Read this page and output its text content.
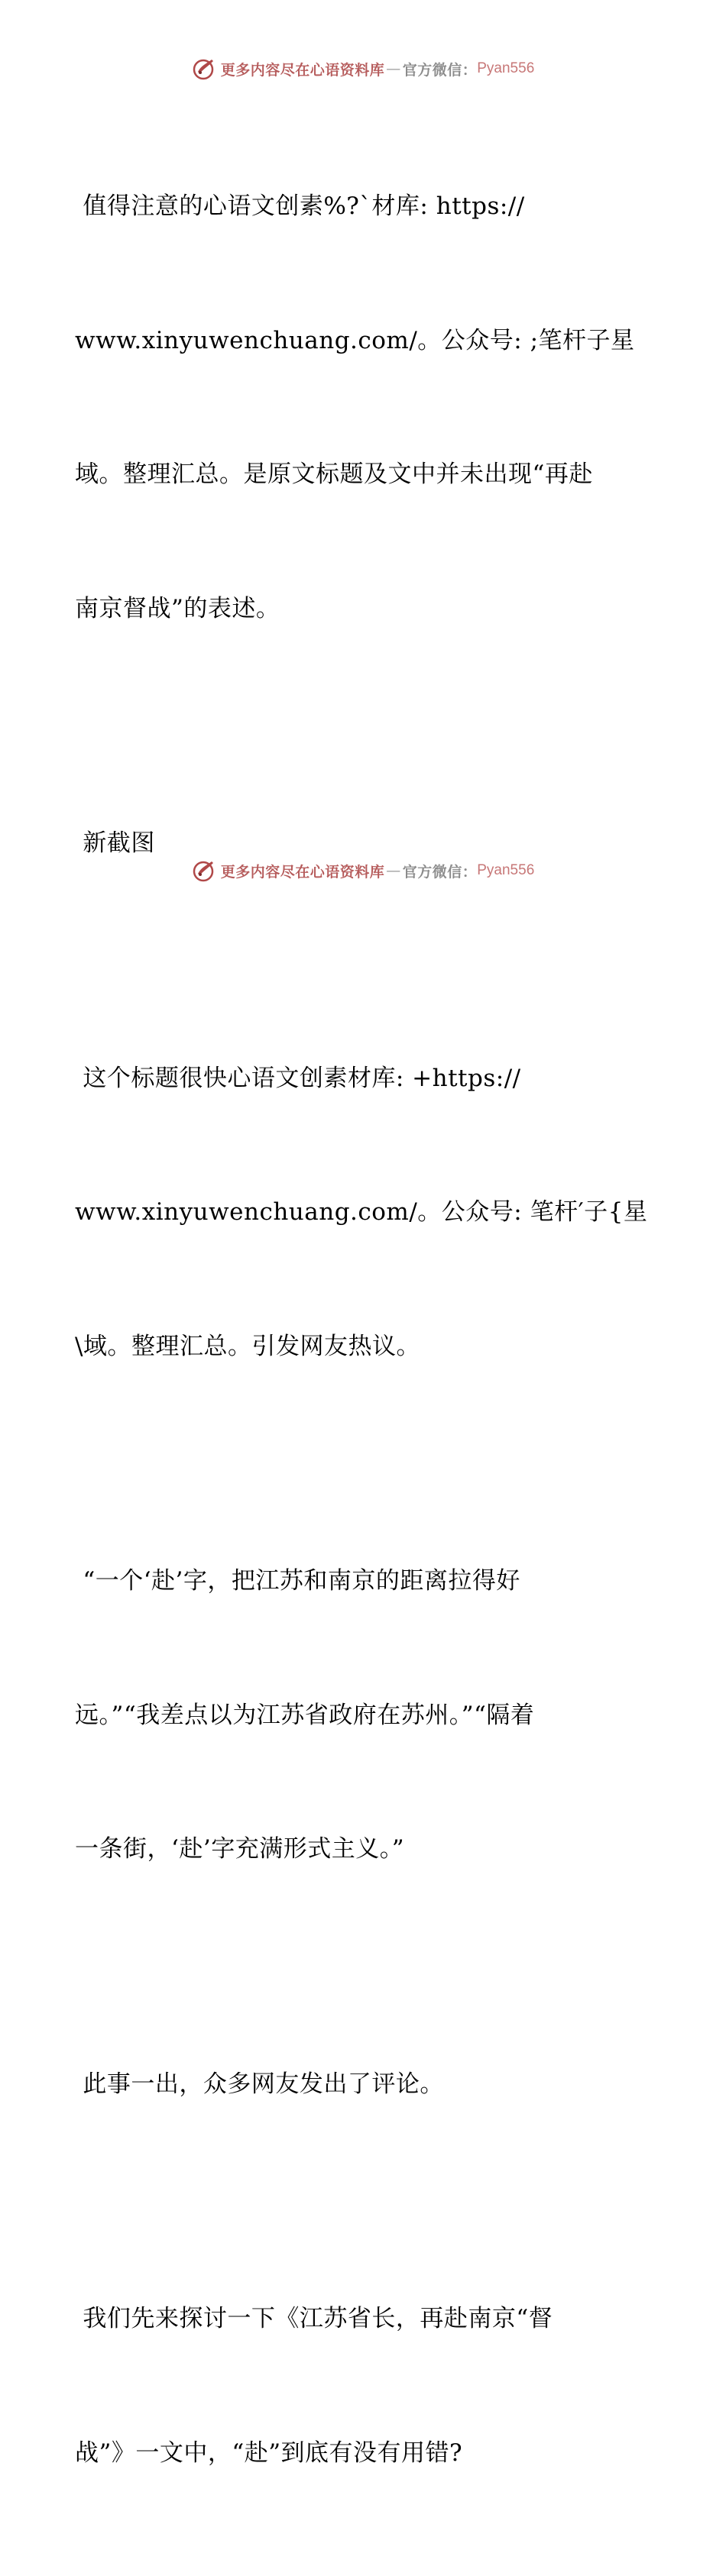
更多内容尽在心语资料库 — 官方微信： Pyan556

值得注意的心语文创素%?`材库: https://

www.xinyuwenchuang.com/。公众号: ;笔杆子星

域。整理汇总。是原文标题及文中并未出现“再赴

南京督战”的表述。

新截图

这个标题很快心语文创素材库: +https://

www.xinyuwenchuang.com/。公众号: 笔杆′子{星

\域。整理汇总。引发网友热议。

“一个‘赴’字，把江苏和南京的距离拉得好

远。”“我差点以为江苏省政府在苏州。”“隔着

一条街，‘赴’字充满形式主义。”

此事一出，众多网友发出了评论。

我们先来探讨一下《江苏省长，再赴南京“督

战”》一文中，“赴”到底有没有用错?

更多内容尽在心语资料库 — 官方微信： Pyan556
